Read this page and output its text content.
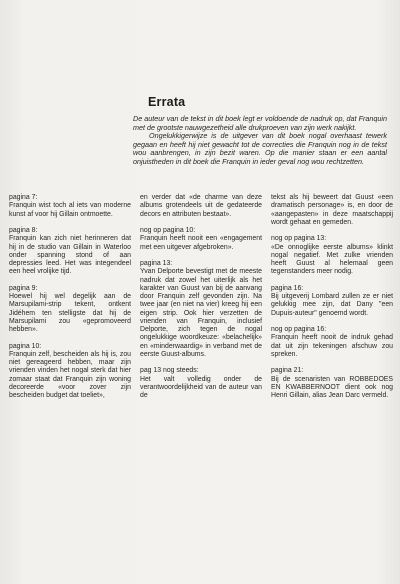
Errata

De auteur van de tekst in dit boek legt er voldoende de nadruk op, dat Franquin met de grootste nauwgezetheid alle drukproeven van zijn werk nakijkt.

Ongelukkigerwijze is de uitgever van dit boek nogal overhaast tewerk gegaan en heeft hij niet gewacht tot de correcties die Franquin nog in de tekst wou aanbrengen, in zijn bezit waren. Op die manier staan er een aantal onjuistheden in dit boek die Franquin in ieder geval nog wou rechtzetten.

pagina 7:
Franquin wist toch al iets van moderne kunst af voor hij Gillain ontmoette.
pagina 8:
Franquin kan zich niet herinneren dat hij in de studio van Gillain in Waterloo onder spanning stond of aan depressies leed. Het was integendeel een heel vrolijke tijd.
pagina 9:
Hoewel hij wel degelijk aan de Marsupilami-strip tekent, ontkent Jidéhem ten stelligste dat hij de Marsupilami zou «gepromoveerd hebben».
pagina 10:
Franquin zelf, bescheiden als hij is, zou niet gereageerd hebben, maar zijn vrienden vinden het nogal sterk dat hier zomaar staat dat Franquin zijn woning decoreerde «voor zover zijn bescheiden budget dat toeliet»,
en verder dat «de charme van deze albums grotendeels uit de gedateerde decors en attributen bestaat».
nog op pagina 10:
Franquin heeft nooit een «engagement met een uitgever afgebroken».
pagina 13:
Yvan Delporte bevestigt met de meeste nadruk dat zowel het uiterlijk als het karakter van Guust van bij de aanvang door Franquin zelf gevonden zijn. Na twee jaar (en niet na vier) kreeg hij een eigen strip. Ook hier verzetten de vrienden van Franquin, inclusief Delporte, zich tegen de nogal ongelukkige woordkeuze: «belachelijk» en «minderwaardig» in verband met de eerste Guust-albums.
pag 13 nog steeds:
Het valt volledig onder de verantwoordelijkheid van de auteur van de
tekst als hij beweert dat Guust «een dramatisch personage» is, en door de «aangepasten» in deze maatschappij wordt gehaat en gemeden.
nog op pagina 13:
«De onnoglijke eerste albums» klinkt nogal negatief. Met zulke vrienden heeft Guust al helemaal geen tegenstanders meer nodig.
pagina 16:
Bij uitgeverij Lombard zullen ze er niet gelukkig mee zijn, dat Dany "een Dupuis-auteur" genoemd wordt.
nog op pagina 16:
Franquin heeft nooit de indruk gehad dat uit zijn tekeningen afschuw zou spreken.
pagina 21:
Bij de scenaristen van ROBBEDOES EN KWABBERNOOT dient ook nog Henri Gillain, alias Jean Darc vermeld.
